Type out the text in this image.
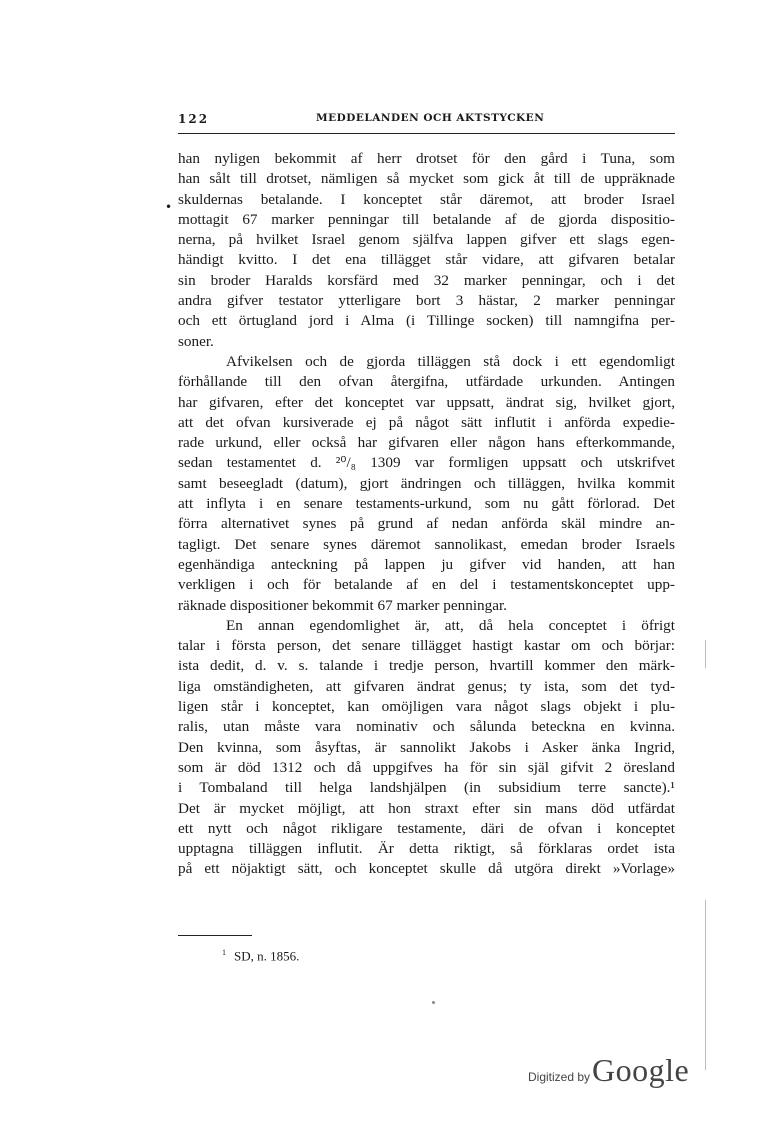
122	MEDDELANDEN OCH AKTSTYCKEN
•
han nyligen bekommit af herr drotset för den gård i Tuna, som
han sålt till drotset, nämligen så mycket som gick åt till de uppräknade
skuldernas betalande. I konceptet står däremot, att broder Israel
mottagit 67 marker penningar till betalande af de gjorda dispositio-
nerna, på hvilket Israel genom själfva lappen gifver ett slags egen-
händigt kvitto. I det ena tillägget står vidare, att gifvaren betalar
sin broder Haralds korsfärd med 32 marker penningar, och i det
andra gifver testator ytterligare bort 3 hästar, 2 marker penningar
och ett örtugland jord i Alma (i Tillinge socken) till namngifna per-
soner.
Afvikelsen och de gjorda tilläggen stå dock i ett egendomligt
förhållande till den ofvan återgifna, utfärdade urkunden. Antingen
har gifvaren, efter det konceptet var uppsatt, ändrat sig, hvilket gjort,
att det ofvan kursiverade ej på något sätt influtit i anförda expedie-
rade urkund, eller också har gifvaren eller någon hans efterkommande,
sedan testamentet d. ²⁰/₈ 1309 var formligen uppsatt och utskrifvet
samt beseegladt (datum), gjort ändringen och tilläggen, hvilka kommit
att inflyta i en senare testaments-urkund, som nu gått förlorad. Det
förra alternativet synes på grund af nedan anförda skäl mindre an-
tagligt. Det senare synes däremot sannolikast, emedan broder Israels
egenhändiga anteckning på lappen ju gifver vid handen, att han
verkligen i och för betalande af en del i testamentskonceptet upp-
räknade dispositioner bekommit 67 marker penningar.
En annan egendomlighet är, att, då hela conceptet i öfrigt
talar i första person, det senare tillägget hastigt kastar om och börjar:
ista dedit, d. v. s. talande i tredje person, hvartill kommer den märk-
liga omständigheten, att gifvaren ändrat genus; ty ista, som det tyd-
ligen står i konceptet, kan omöjligen vara något slags objekt i plu-
ralis, utan måste vara nominativ och sålunda beteckna en kvinna.
Den kvinna, som åsyftas, är sannolikt Jakobs i Asker änka Ingrid,
som är död 1312 och då uppgifves ha för sin själ gifvit 2 öresland
i Tombaland till helga landshjälpen (in subsidium terre sancte).¹
Det är mycket möjligt, att hon straxt efter sin mans död utfärdat
ett nytt och något rikligare testamente, däri de ofvan i konceptet
upptagna tilläggen influtit. Är detta riktigt, så förklaras ordet ista
på ett nöjaktigt sätt, och konceptet skulle då utgöra direkt »Vorlage»
$^1$ SD, n. 1856.
Digitized by Google
